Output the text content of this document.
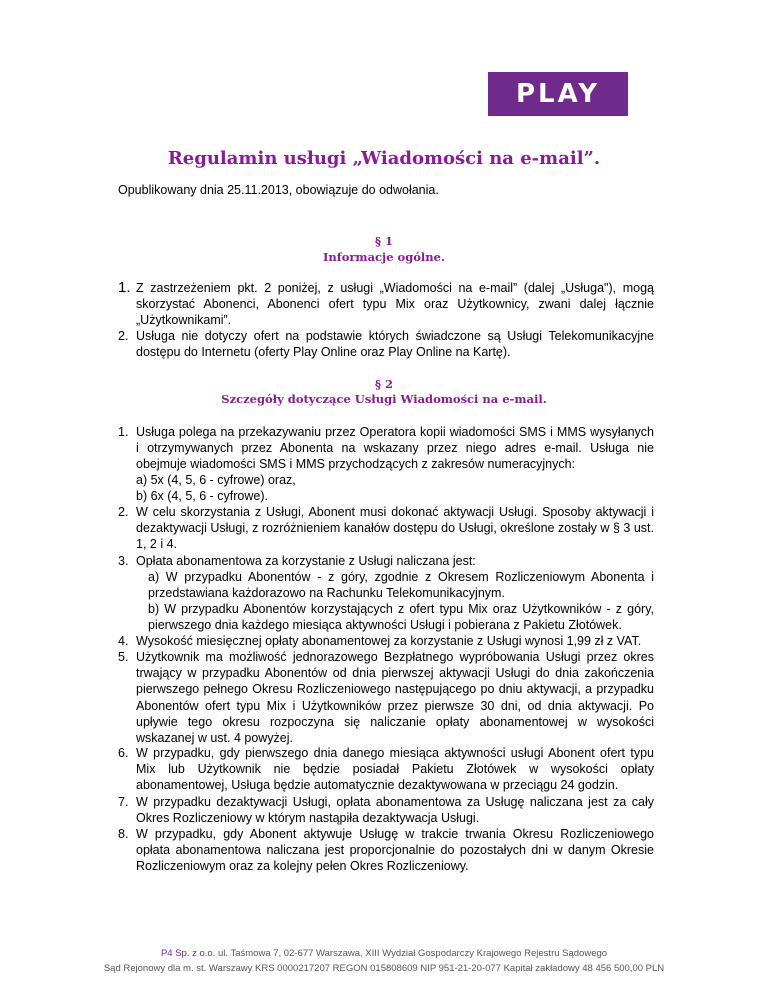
PLAY
Regulamin usługi „Wiadomości na e-mail”.
Opublikowany dnia 25.11.2013, obowiązuje do odwołania.
§ 1
Informacje ogólne.
1. Z zastrzeżeniem pkt. 2 poniżej, z usługi „Wiadomości na e-mail” (dalej „Usługa"), mogą skorzystać Abonenci, Abonenci ofert typu Mix oraz Użytkownicy, zwani dalej łącznie „Użytkownikami”.
2. Usługa nie dotyczy ofert na podstawie których świadczone są Usługi Telekomunikacyjne dostępu do Internetu (oferty Play Online oraz Play Online na Kartę).
§ 2
Szczegóły dotyczące Usługi Wiadomości na e-mail.
1. Usługa polega na przekazywaniu przez Operatora kopii wiadomości SMS i MMS wysyłanych i otrzymywanych przez Abonenta na wskazany przez niego adres e-mail. Usługa nie obejmuje wiadomości SMS i MMS przychodzących z zakresów numeracyjnych:
a) 5x (4, 5, 6 - cyfrowe) oraz,
b) 6x (4, 5, 6 - cyfrowe).
2. W celu skorzystania z Usługi, Abonent musi dokonać aktywacji Usługi. Sposoby aktywacji i dezaktywacji Usługi, z rozróżnieniem kanałów dostępu do Usługi, określone zostały w § 3 ust. 1, 2 i 4.
3. Opłata abonamentowa za korzystanie z Usługi naliczana jest:
a) W przypadku Abonentów - z góry, zgodnie z Okresem Rozliczeniowym Abonenta i przedstawiana każdorazowo na Rachunku Telekomunikacyjnym.
b) W przypadku Abonentów korzystających z ofert typu Mix oraz Użytkowników - z góry, pierwszego dnia każdego miesiąca aktywności Usługi i pobierana z Pakietu Złotówek.
4. Wysokość miesięcznej opłaty abonamentowej za korzystanie z Usługi wynosi 1,99 zł z VAT.
5. Użytkownik ma możliwość jednorazowego Bezpłatnego wypróbowania Usługi przez okres trwający w przypadku Abonentów od dnia pierwszej aktywacji Usługi do dnia zakończenia pierwszego pełnego Okresu Rozliczeniowego następującego po dniu aktywacji, a przypadku Abonentów ofert typu Mix i Użytkowników przez pierwsze 30 dni, od dnia aktywacji. Po upływie tego okresu rozpoczyna się naliczanie opłaty abonamentowej w wysokości wskazanej w ust. 4 powyżej.
6. W przypadku, gdy pierwszego dnia danego miesiąca aktywności usługi Abonent ofert typu Mix lub Użytkownik nie będzie posiadał Pakietu Złotówek w wysokości opłaty abonamentowej, Usługa będzie automatycznie dezaktywowana w przeciągu 24 godzin.
7. W przypadku dezaktywacji Usługi, opłata abonamentowa za Usługę naliczana jest za cały Okres Rozliczeniowy w którym nastąpiła dezaktywacja Usługi.
8. W przypadku, gdy Abonent aktywuje Usługę w trakcie trwania Okresu Rozliczeniowego opłata abonamentowa naliczana jest proporcjonalnie do pozostałych dni w danym Okresie Rozliczeniowym oraz za kolejny pełen Okres Rozliczeniowy.
P4 Sp. z o.o. ul. Taśmowa 7, 02-677 Warszawa, XIII Wydział Gospodarczy Krajowego Rejestru Sądowego
Sąd Rejonowy dla m. st. Warszawy KRS 0000217207 REGON 015808609 NIP 951-21-20-077 Kapitał zakładowy 48 456 500,00 PLN
